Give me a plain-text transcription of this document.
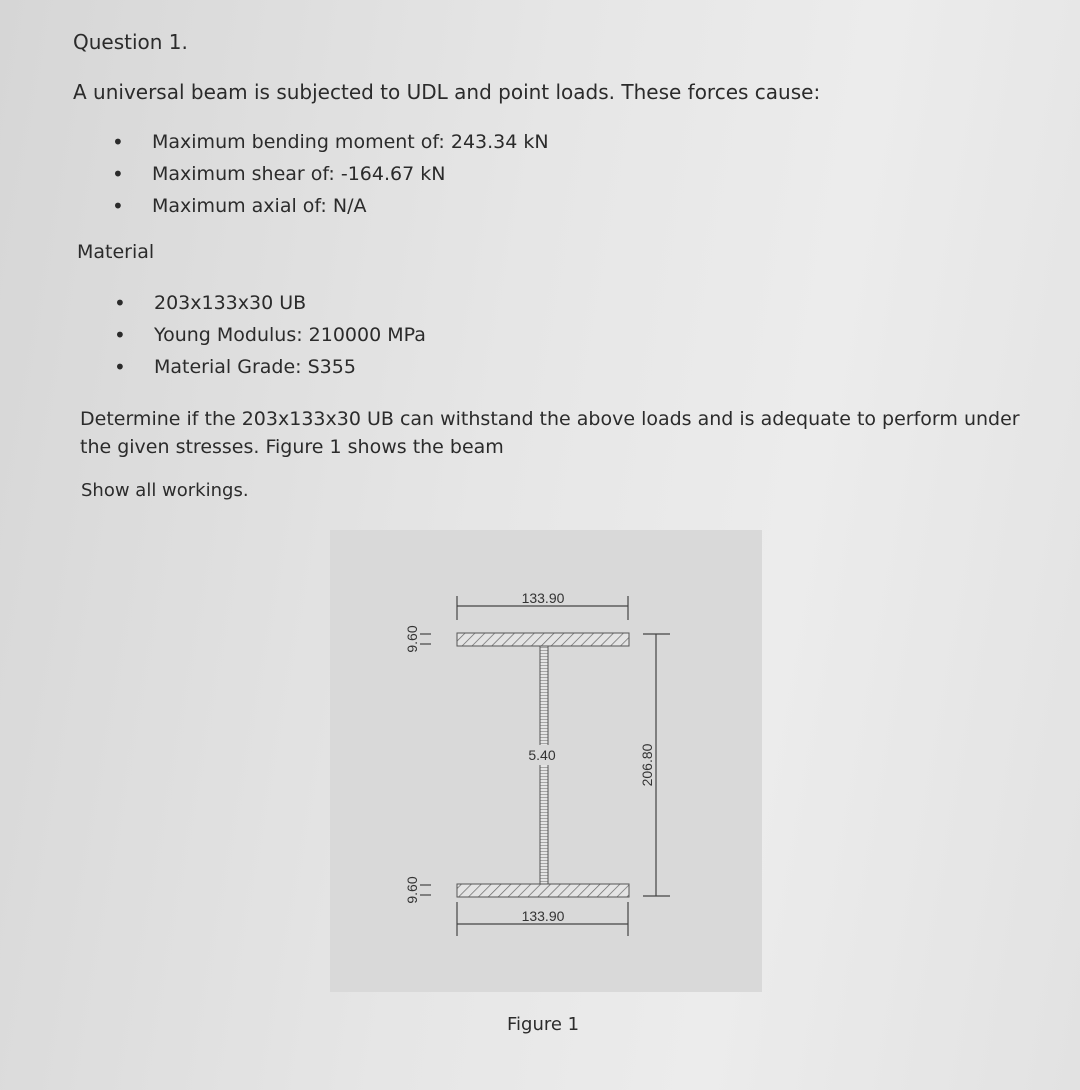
Question 1.
A universal beam is subjected to UDL and point loads. These forces cause:
• Maximum bending moment of: 243.34 kN
• Maximum shear of: -164.67 kN
• Maximum axial of: N/A
Material
• 203x133x30 UB
• Young Modulus: 210000 MPa
• Material Grade: S355
Determine if the 203x133x30 UB can withstand the above loads and is adequate to perform under the given stresses. Figure 1 shows the beam
Show all workings.
133.90
9.60
5.40	206.80
9.60
133.90
Figure 1
